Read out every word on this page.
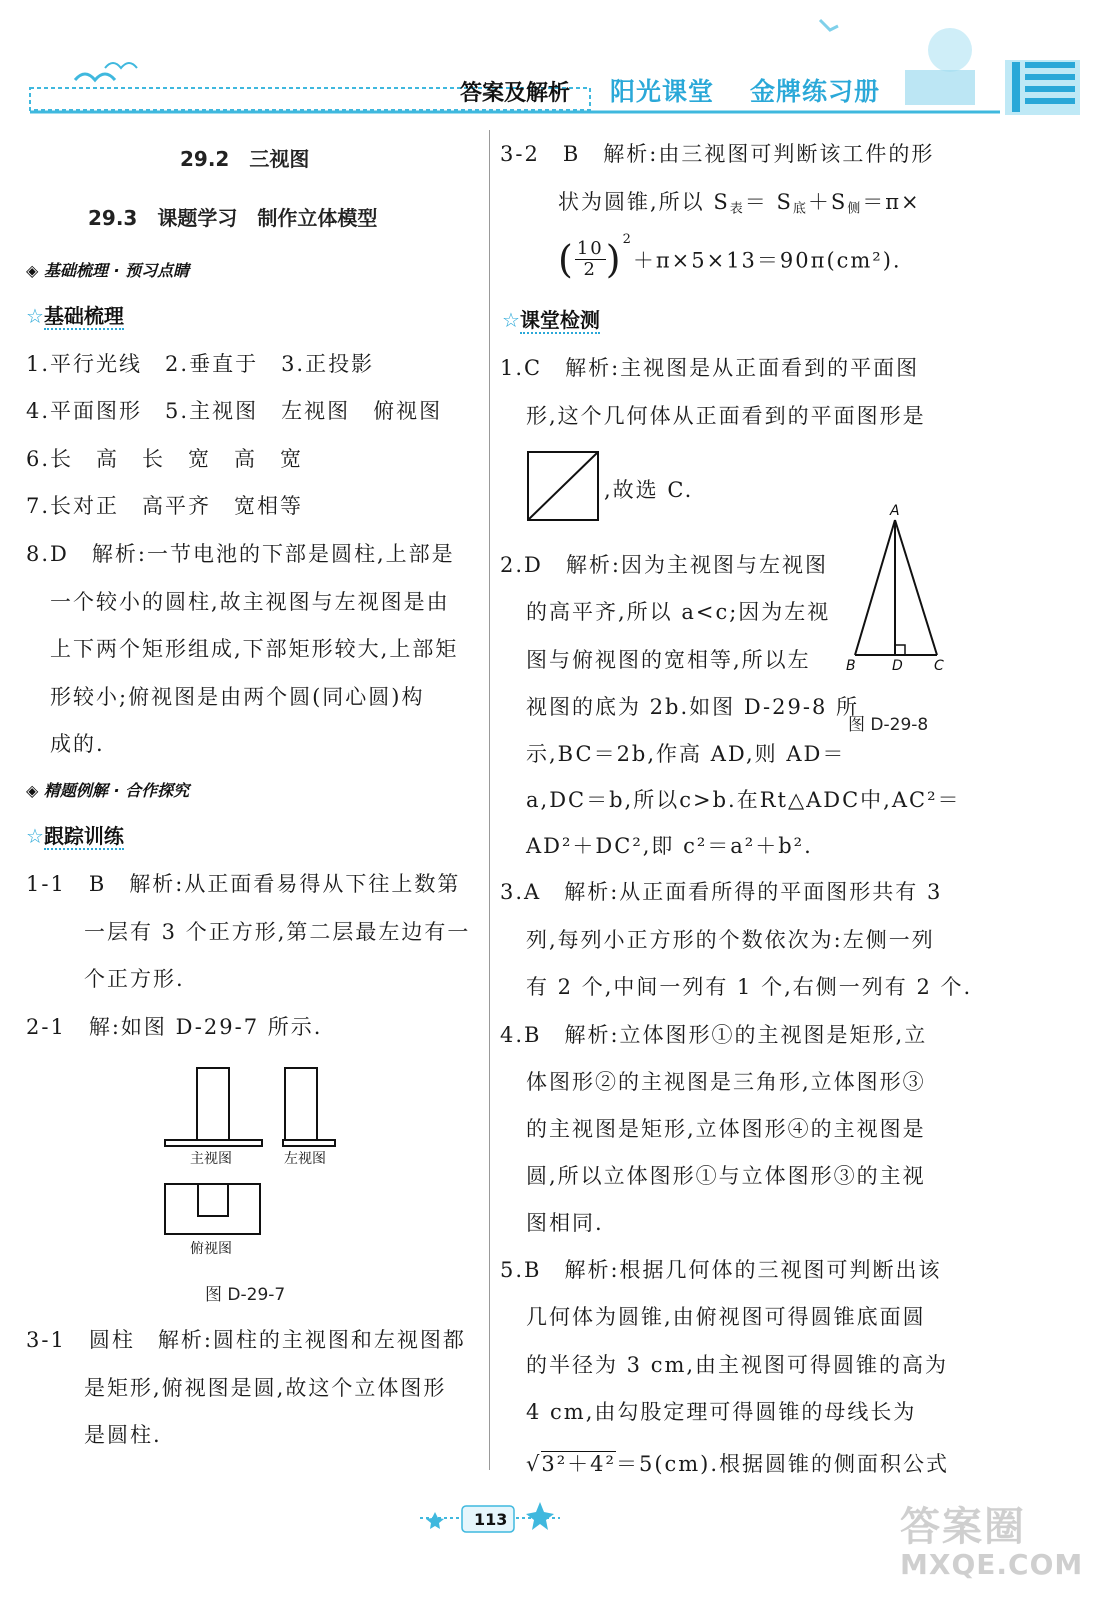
答案及解析 阳光课堂 金牌练习册
29.2　三视图
29.3　课题学习　制作立体模型
◈ 基础梳理 · 预习点睛
☆基础梳理
1.平行光线　2.垂直于　3.正投影
4.平面图形　5.主视图　左视图　俯视图
6.长　高　长　宽　高　宽
7.长对正　高平齐　宽相等
8.D　解析:一节电池的下部是圆柱,上部是
一个较小的圆柱,故主视图与左视图是由
上下两个矩形组成,下部矩形较大,上部矩
形较小;俯视图是由两个圆(同心圆)构
成的.
◈ 精题例解 · 合作探究
☆跟踪训练
1-1　B　解析:从正面看易得从下往上数第
一层有 3 个正方形,第二层最左边有一
个正方形.
2-1　解:如图 D-29-7 所示.
主视图	左视图
俯视图
图 D-29-7
3-1　圆柱　解析:圆柱的主视图和左视图都
是矩形,俯视图是圆,故这个立体图形
是圆柱.
3-2　B　解析:由三视图可判断该工件的形
状为圆锥,所以 $S_表= S_底+S_侧=\pi\times$
( $\frac{10}{2} )^2+\pi\times 5\times 13=90\pi(cm^2)$.
☆课堂检测
1.C　解析:主视图是从正面看到的平面图
形,这个几何体从正面看到的平面图形是
,故选 C.
2.D　解析:因为主视图与左视图
的高平齐,所以 a<c;因为左视
图与俯视图的宽相等,所以左
视图的底为 2b.如图 D-29-8 所
示,BC＝2b,作高 AD,则 AD＝
a,DC＝b,所以c>b.在Rt△ADC中,AC²＝
AD²＋DC²,即 c²＝a²＋b².
A
B	D C
图 D-29-8
3.A　解析:从正面看所得的平面图形共有 3
列,每列小正方形的个数依次为:左侧一列
有 2 个,中间一列有 1 个,右侧一列有 2 个.
4.B　解析:立体图形①的主视图是矩形,立
体图形②的主视图是三角形,立体图形③
的主视图是矩形,立体图形④的主视图是
圆,所以立体图形①与立体图形③的主视
图相同.
5.B　解析:根据几何体的三视图可判断出该
几何体为圆锥,由俯视图可得圆锥底面圆
的半径为 3 cm,由主视图可得圆锥的高为
4 cm,由勾股定理可得圆锥的母线长为
√3²＋4²＝5(cm).根据圆锥的侧面积公式
113	答案圈
MXQE.COM
